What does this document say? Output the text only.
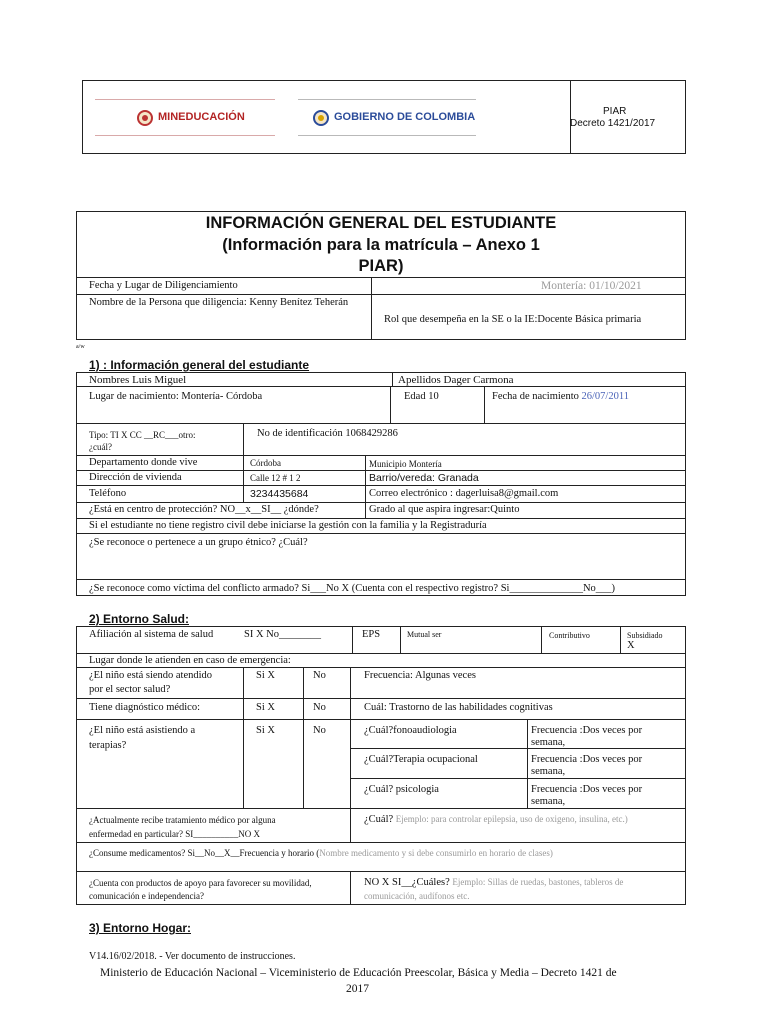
MINEDUCACIÓN	GOBIERNO DE COLOMBIA	PIAR
Decreto 1421/2017
INFORMACIÓN GENERAL DEL ESTUDIANTE
(Información para la matrícula – Anexo 1
PIAR)
Fecha y Lugar de Diligenciamiento	Montería: 01/10/2021
Nombre de la Persona que diligencia: Kenny Benítez Teherán
Rol que desempeña en la SE o la IE:Docente Básica primaria
a/w
1) : Información general del estudiante
Nombres Luis Miguel	Apellidos Dager Carmona
Lugar de nacimiento: Montería- Córdoba	Edad 10	Fecha de nacimiento 26/07/2011
Tipo: TI X CC __RC___otro:
¿cuál?
No de identificación 1068429286
Departamento donde vive	Córdoba	Municipio Montería
Dirección de vivienda	Calle 12 # 1 2	Barrio/vereda: Granada
Teléfono	3234435684	Correo electrónico : dagerluisa8@gmail.com
¿Está en centro de protección? NO__x__SI__ ¿dónde?	Grado al que aspira ingresar:Quinto
Si el estudiante no tiene registro civil debe iniciarse la gestión con la familia y la Registraduría
¿Se reconoce o pertenece a un grupo étnico? ¿Cuál?
¿Se reconoce como víctima del conflicto armado? Si___No X (Cuenta con el respectivo registro? Si______________No___)
2) Entorno Salud:
Afiliación al sistema de salud	SI X No________	EPS	Mutual ser	Contributivo	Subsidiado
X
Lugar donde le atienden en caso de emergencia:
¿El niño está siendo atendido
por el sector salud?
Si X	No	Frecuencia: Algunas veces
Tiene diagnóstico médico:	Si X	No	Cuál: Trastorno de las habilidades cognitivas
¿El niño está asistiendo a
terapias?
Si X	No	¿Cuál?fonoaudiologia	Frecuencia :Dos veces por
semana,
¿Cuál?Terapia ocupacional	Frecuencia :Dos veces por
semana,
¿Cuál? psicologia	Frecuencia :Dos veces por
semana,
¿Actualmente recibe tratamiento médico por alguna
enfermedad en particular? SI__________NO X
¿Cuál? Ejemplo: para controlar epilepsia, uso de oxigeno, insulina, etc.)
¿Consume medicamentos? Si__No__X__Frecuencia y horario (Nombre medicamento y si debe consumirlo en horario de clases)
¿Cuenta con productos de apoyo para favorecer su movilidad,
comunicación e independencia?
NO X SI__¿Cuáles? Ejemplo: Sillas de ruedas, bastones, tableros de
comunicación, audífonos etc.
3) Entorno Hogar:
V14.16/02/2018. - Ver documento de instrucciones.
Ministerio de Educación Nacional – Viceministerio de Educación Preescolar, Básica y Media – Decreto 1421 de
2017
